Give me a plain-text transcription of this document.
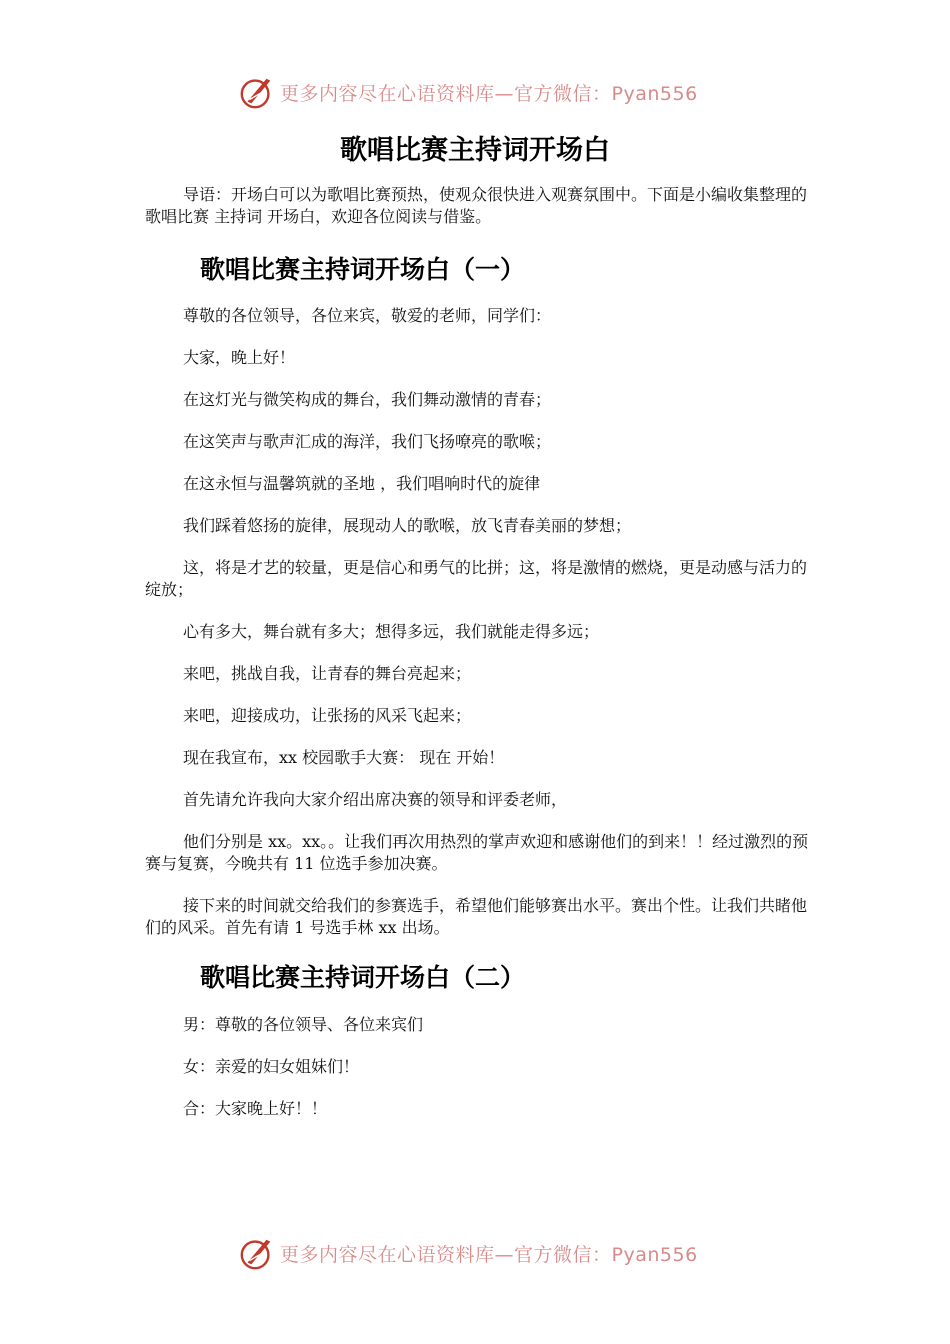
更多内容尽在心语资料库—官方微信：Pyan556
歌唱比赛主持词开场白

导语：开场白可以为歌唱比赛预热，使观众很快进入观赛氛围中。下面是小编收集整理的歌唱比赛 主持词 开场白，欢迎各位阅读与借鉴。

歌唱比赛主持词开场白（一）

尊敬的各位领导，各位来宾，敬爱的老师，同学们：

大家，晚上好！

在这灯光与微笑构成的舞台，我们舞动激情的青春；

在这笑声与歌声汇成的海洋，我们飞扬嘹亮的歌喉；

在这永恒与温馨筑就的圣地 ，我们唱响时代的旋律

我们踩着悠扬的旋律，展现动人的歌喉，放飞青春美丽的梦想；

这，将是才艺的较量，更是信心和勇气的比拼；这，将是激情的燃烧，更是动感与活力的绽放；

心有多大，舞台就有多大；想得多远，我们就能走得多远；

来吧，挑战自我，让青春的舞台亮起来；

来吧，迎接成功，让张扬的风采飞起来；

现在我宣布，xx 校园歌手大赛： 现在 开始！

首先请允许我向大家介绍出席决赛的领导和评委老师，

他们分别是 xx。xx。。让我们再次用热烈的掌声欢迎和感谢他们的到来！！经过激烈的预赛与复赛，今晚共有 11 位选手参加决赛。

接下来的时间就交给我们的参赛选手，希望他们能够赛出水平。赛出个性。让我们共睹他们的风采。首先有请 1 号选手林 xx 出场。

歌唱比赛主持词开场白（二）

男：尊敬的各位领导、各位来宾们

女：亲爱的妇女姐妹们！

合：大家晚上好！！

更多内容尽在心语资料库—官方微信：Pyan556
